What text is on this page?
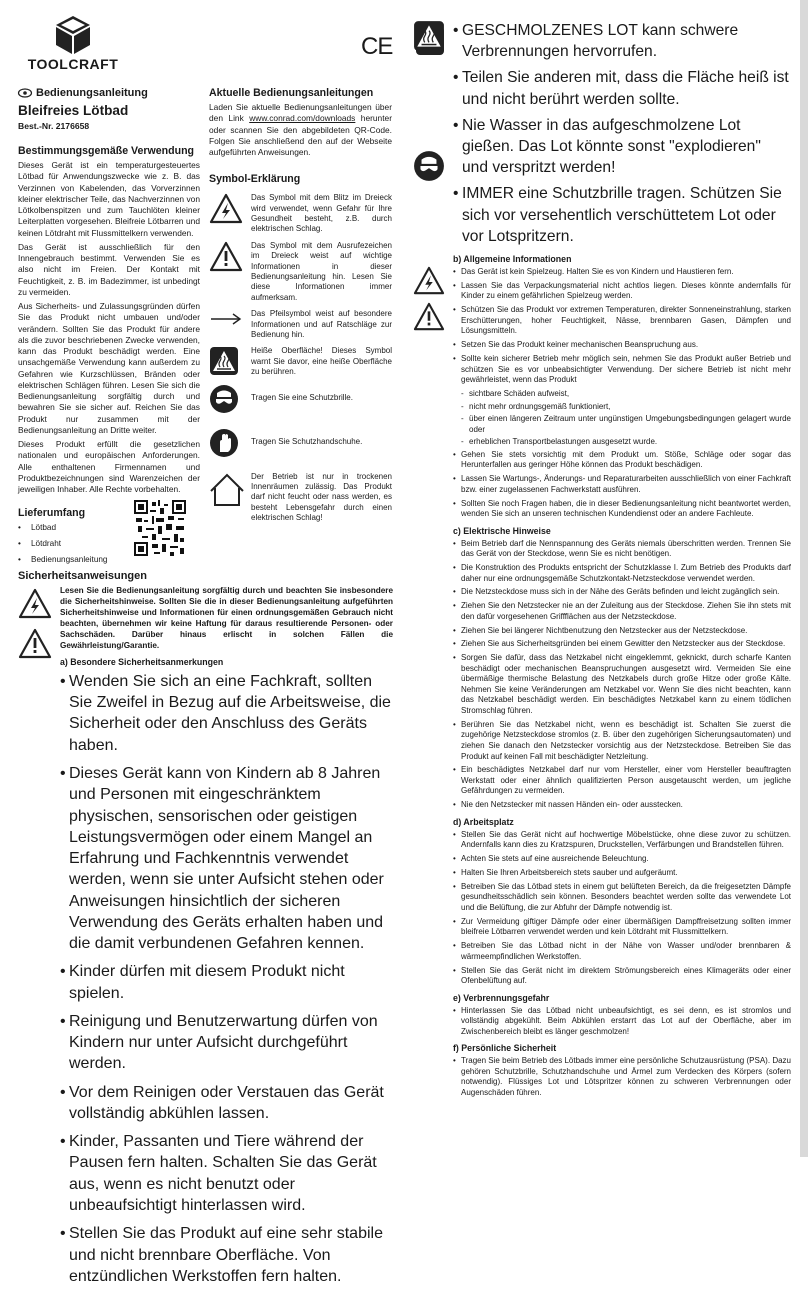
TOOLCRAFT
CE
Bedienungsanleitung
Bleifreies Lötbad
Best.-Nr. 2176658
Bestimmungsgemäße Verwendung

Dieses Gerät ist ein temperaturgesteuertes Lötbad für Anwendungszwecke wie z. B. das Verzinnen von Kabelenden, das Vorverzinnen kleiner elektrischer Teile, das Nachverzinnen von Lötkolbenspitzen und zum Tauchlöten kleiner Leiterplatten vorgesehen. Bleifreie Lötbarren und keinen Lötdraht mit Flussmittelkern verwenden.

Das Gerät ist ausschließlich für den Innengebrauch bestimmt. Verwenden Sie es also nicht im Freien. Der Kontakt mit Feuchtigkeit, z. B. im Badezimmer, ist unbedingt zu vermeiden.

Aus Sicherheits- und Zulassungsgründen dürfen Sie das Produkt nicht umbauen und/oder verändern. Sollten Sie das Produkt für andere als die zuvor beschriebenen Zwecke verwenden, kann das Produkt beschädigt werden. Eine unsachgemäße Verwendung kann außerdem zu Gefahren wie Kurzschlüssen, Bränden oder elektrischen Schlägen führen. Lesen Sie sich die Bedienungsanleitung sorgfältig durch und bewahren Sie sie sicher auf. Reichen Sie das Produkt nur zusammen mit der Bedienungsanleitung an Dritte weiter.

Dieses Produkt erfüllt die gesetzlichen nationalen und europäischen Anforderungen. Alle enthaltenen Firmennamen und Produktbezeichnungen sind Warenzeichen der jeweiligen Inhaber. Alle Rechte vorbehalten.

Lieferumfang
•	Lötbad
•	Lötdraht
•	Bedienungsanleitung
Aktuelle Bedienungsanleitungen

Laden Sie aktuelle Bedienungsanleitungen über den Link www.conrad.com/downloads herunter oder scannen Sie den abgebildeten QR-Code. Folgen Sie anschließend den auf der Webseite aufgeführten Anweisungen.

Symbol-Erklärung
Das Symbol mit dem Blitz im Dreieck wird verwendet, wenn Gefahr für Ihre Gesundheit besteht, z.B. durch elektrischen Schlag.
Das Symbol mit dem Ausrufezeichen im Dreieck weist auf wichtige Informationen in dieser Bedienungsanleitung hin. Lesen Sie diese Informationen immer aufmerksam.
Das Pfeilsymbol weist auf besondere Informationen und auf Ratschläge zur Bedienung hin.
Heiße Oberfläche! Dieses Symbol warnt Sie davor, eine heiße Oberfläche zu berühren.
Tragen Sie eine Schutzbrille.
Tragen Sie Schutzhandschuhe.
Der Betrieb ist nur in trockenen Innenräumen zulässig. Das Produkt darf nicht feucht oder nass werden, es besteht Lebensgefahr durch einen elektrischen Schlag!
Sicherheitsanweisungen

Lesen Sie die Bedienungsanleitung sorgfältig durch und beachten Sie insbesondere die Sicherheitshinweise. Sollten Sie die in dieser Bedienungsanleitung aufgeführten Sicherheitshinweise und Informationen für einen ordnungsgemäßen Gebrauch nicht beachten, übernehmen wir keine Haftung für daraus resultierende Personen- oder Sachschäden. Darüber hinaus erlischt in solchen Fällen die Gewährleistung/Garantie.

a) Besondere Sicherheitsanmerkungen
• Wenden Sie sich an eine Fachkraft, sollten Sie Zweifel in Bezug auf die Arbeitsweise, die Sicherheit oder den Anschluss des Geräts haben.
• Dieses Gerät kann von Kindern ab 8 Jahren und Personen mit eingeschränktem physischen, sensorischen oder geistigen Leistungsvermögen oder einem Mangel an Erfahrung und Fachkenntnis verwendet werden, wenn sie unter Aufsicht stehen oder Anweisungen hinsichtlich der sicheren Verwendung des Geräts erhalten haben und die damit verbundenen Gefahren kennen.
• Kinder dürfen mit diesem Produkt nicht spielen.
• Reinigung und Benutzerwartung dürfen von Kindern nur unter Aufsicht durchgeführt werden.
• Vor dem Reinigen oder Verstauen das Gerät vollständig abkühlen lassen.
• Kinder, Passanten und Tiere während der Pausen fern halten. Schalten Sie das Gerät aus, wenn es nicht benutzt oder unbeaufsichtigt hinterlassen wird.
• Stellen Sie das Produkt auf eine sehr stabile und nicht brennbare Oberfläche. Von entzündlichen Werkstoffen fern halten.
• GESCHMOLZENES LOT kann schwere Verbrennungen hervorrufen.
• Teilen Sie anderen mit, dass die Fläche heiß ist und nicht berührt werden sollte.
• Nie Wasser in das aufgeschmolzene Lot gießen. Das Lot könnte sonst "explodieren" und verspritzt werden!
• IMMER eine Schutzbrille tragen. Schützen Sie sich vor versehentlich verschüttetem Lot oder vor Lotspritzern.
b) Allgemeine Informationen
• Das Gerät ist kein Spielzeug. Halten Sie es von Kindern und Haustieren fern.
• Lassen Sie das Verpackungsmaterial nicht achtlos liegen. Dieses könnte andernfalls für Kinder zu einem gefährlichen Spielzeug werden.
• Schützen Sie das Produkt vor extremen Temperaturen, direkter Sonneneinstrahlung, starken Erschütterungen, hoher Feuchtigkeit, Nässe, brennbaren Gasen, Dämpfen und Lösungsmitteln.
• Setzen Sie das Produkt keiner mechanischen Beanspruchung aus.
• Sollte kein sicherer Betrieb mehr möglich sein, nehmen Sie das Produkt außer Betrieb und schützen Sie es vor unbeabsichtigter Verwendung. Der sichere Betrieb ist nicht mehr gewährleistet, wenn das Produkt
- sichtbare Schäden aufweist,
- nicht mehr ordnungsgemäß funktioniert,
- über einen längeren Zeitraum unter ungünstigen Umgebungsbedingungen gelagert wurde oder
- erheblichen Transportbelastungen ausgesetzt wurde.
• Gehen Sie stets vorsichtig mit dem Produkt um. Stöße, Schläge oder sogar das Herunterfallen aus geringer Höhe können das Produkt beschädigen.
• Lassen Sie Wartungs-, Änderungs- und Reparaturarbeiten ausschließlich von einer Fachkraft bzw. einer zugelassenen Fachwerkstatt ausführen.
• Sollten Sie noch Fragen haben, die in dieser Bedienungsanleitung nicht beantwortet werden, wenden Sie sich an unseren technischen Kundendienst oder an andere Fachleute.
c) Elektrische Hinweise
• Beim Betrieb darf die Nennspannung des Geräts niemals überschritten werden. Trennen Sie das Gerät von der Steckdose, wenn Sie es nicht benötigen.
• Die Konstruktion des Produkts entspricht der Schutzklasse I. Zum Betrieb des Produkts darf daher nur eine ordnungsgemäße Schutzkontakt-Netzsteckdose verwendet werden.
• Die Netzsteckdose muss sich in der Nähe des Geräts befinden und leicht zugänglich sein.
• Ziehen Sie den Netzstecker nie an der Zuleitung aus der Steckdose. Ziehen Sie ihn stets mit den dafür vorgesehenen Griffflächen aus der Netzsteckdose.
• Ziehen Sie bei längerer Nichtbenutzung den Netzstecker aus der Netzsteckdose.
• Ziehen Sie aus Sicherheitsgründen bei einem Gewitter den Netzstecker aus der Steckdose.
• Sorgen Sie dafür, dass das Netzkabel nicht eingeklemmt, geknickt, durch scharfe Kanten beschädigt oder mechanischen Beanspruchungen ausgesetzt wird. Vermeiden Sie eine übermäßige thermische Belastung des Netzkabels durch große Hitze oder große Kälte. Nehmen Sie keine Veränderungen am Netzkabel vor. Wenn Sie dies nicht beachten, kann das Netzkabel beschädigt werden. Ein beschädigtes Netzkabel kann zu einem tödlichen Stromschlag führen.
• Berühren Sie das Netzkabel nicht, wenn es beschädigt ist. Schalten Sie zuerst die zugehörige Netzsteckdose stromlos (z. B. über den zugehörigen Sicherungsautomaten) und ziehen Sie danach den Netzstecker vorsichtig aus der Netzsteckdose. Betreiben Sie das Produkt auf keinen Fall mit beschädigter Netzleitung.
• Ein beschädigtes Netzkabel darf nur vom Hersteller, einer vom Hersteller beauftragten Werkstatt oder einer ähnlich qualifizierten Person ausgetauscht werden, um jegliche Gefährdungen zu vermeiden.
• Nie den Netzstecker mit nassen Händen ein- oder ausstecken.
d) Arbeitsplatz
• Stellen Sie das Gerät nicht auf hochwertige Möbelstücke, ohne diese zuvor zu schützen. Andernfalls kann dies zu Kratzspuren, Druckstellen, Verfärbungen und Brandstellen führen.
• Achten Sie stets auf eine ausreichende Beleuchtung.
• Halten Sie Ihren Arbeitsbereich stets sauber und aufgeräumt.
• Betreiben Sie das Lötbad stets in einem gut belüfteten Bereich, da die freigesetzten Dämpfe gesundheitsschädlich sein können. Besonders beachtet werden sollte das verwendete Lot und die Belüftung, die zur Abfuhr der Dämpfe notwendig ist.
• Zur Vermeidung giftiger Dämpfe oder einer übermäßigen Dampffreisetzung sollten immer bleifreie Lötbarren verwendet werden und kein Lötdraht mit Flussmittelkern.
• Betreiben Sie das Lötbad nicht in der Nähe von Wasser und/oder brennbaren & wärmeempfindlichen Werkstoffen.
• Stellen Sie das Gerät nicht im direktem Strömungsbereich eines Klimageräts oder einer Ofenbelüftung auf.
e) Verbrennungsgefahr
• Hinterlassen Sie das Lötbad nicht unbeaufsichtigt, es sei denn, es ist stromlos und vollständig abgekühlt. Beim Abkühlen erstarrt das Lot auf der Oberfläche, aber im Zwischenbereich bleibt es länger geschmolzen!
f) Persönliche Sicherheit
• Tragen Sie beim Betrieb des Lötbads immer eine persönliche Schutzausrüstung (PSA). Dazu gehören Schutzbrille, Schutzhandschuhe und Ärmel zum Verdecken des Körpers (sofern notwendig). Flüssiges Lot und Lötspritzer können zu schweren Verbrennungen oder Augenschäden führen.
